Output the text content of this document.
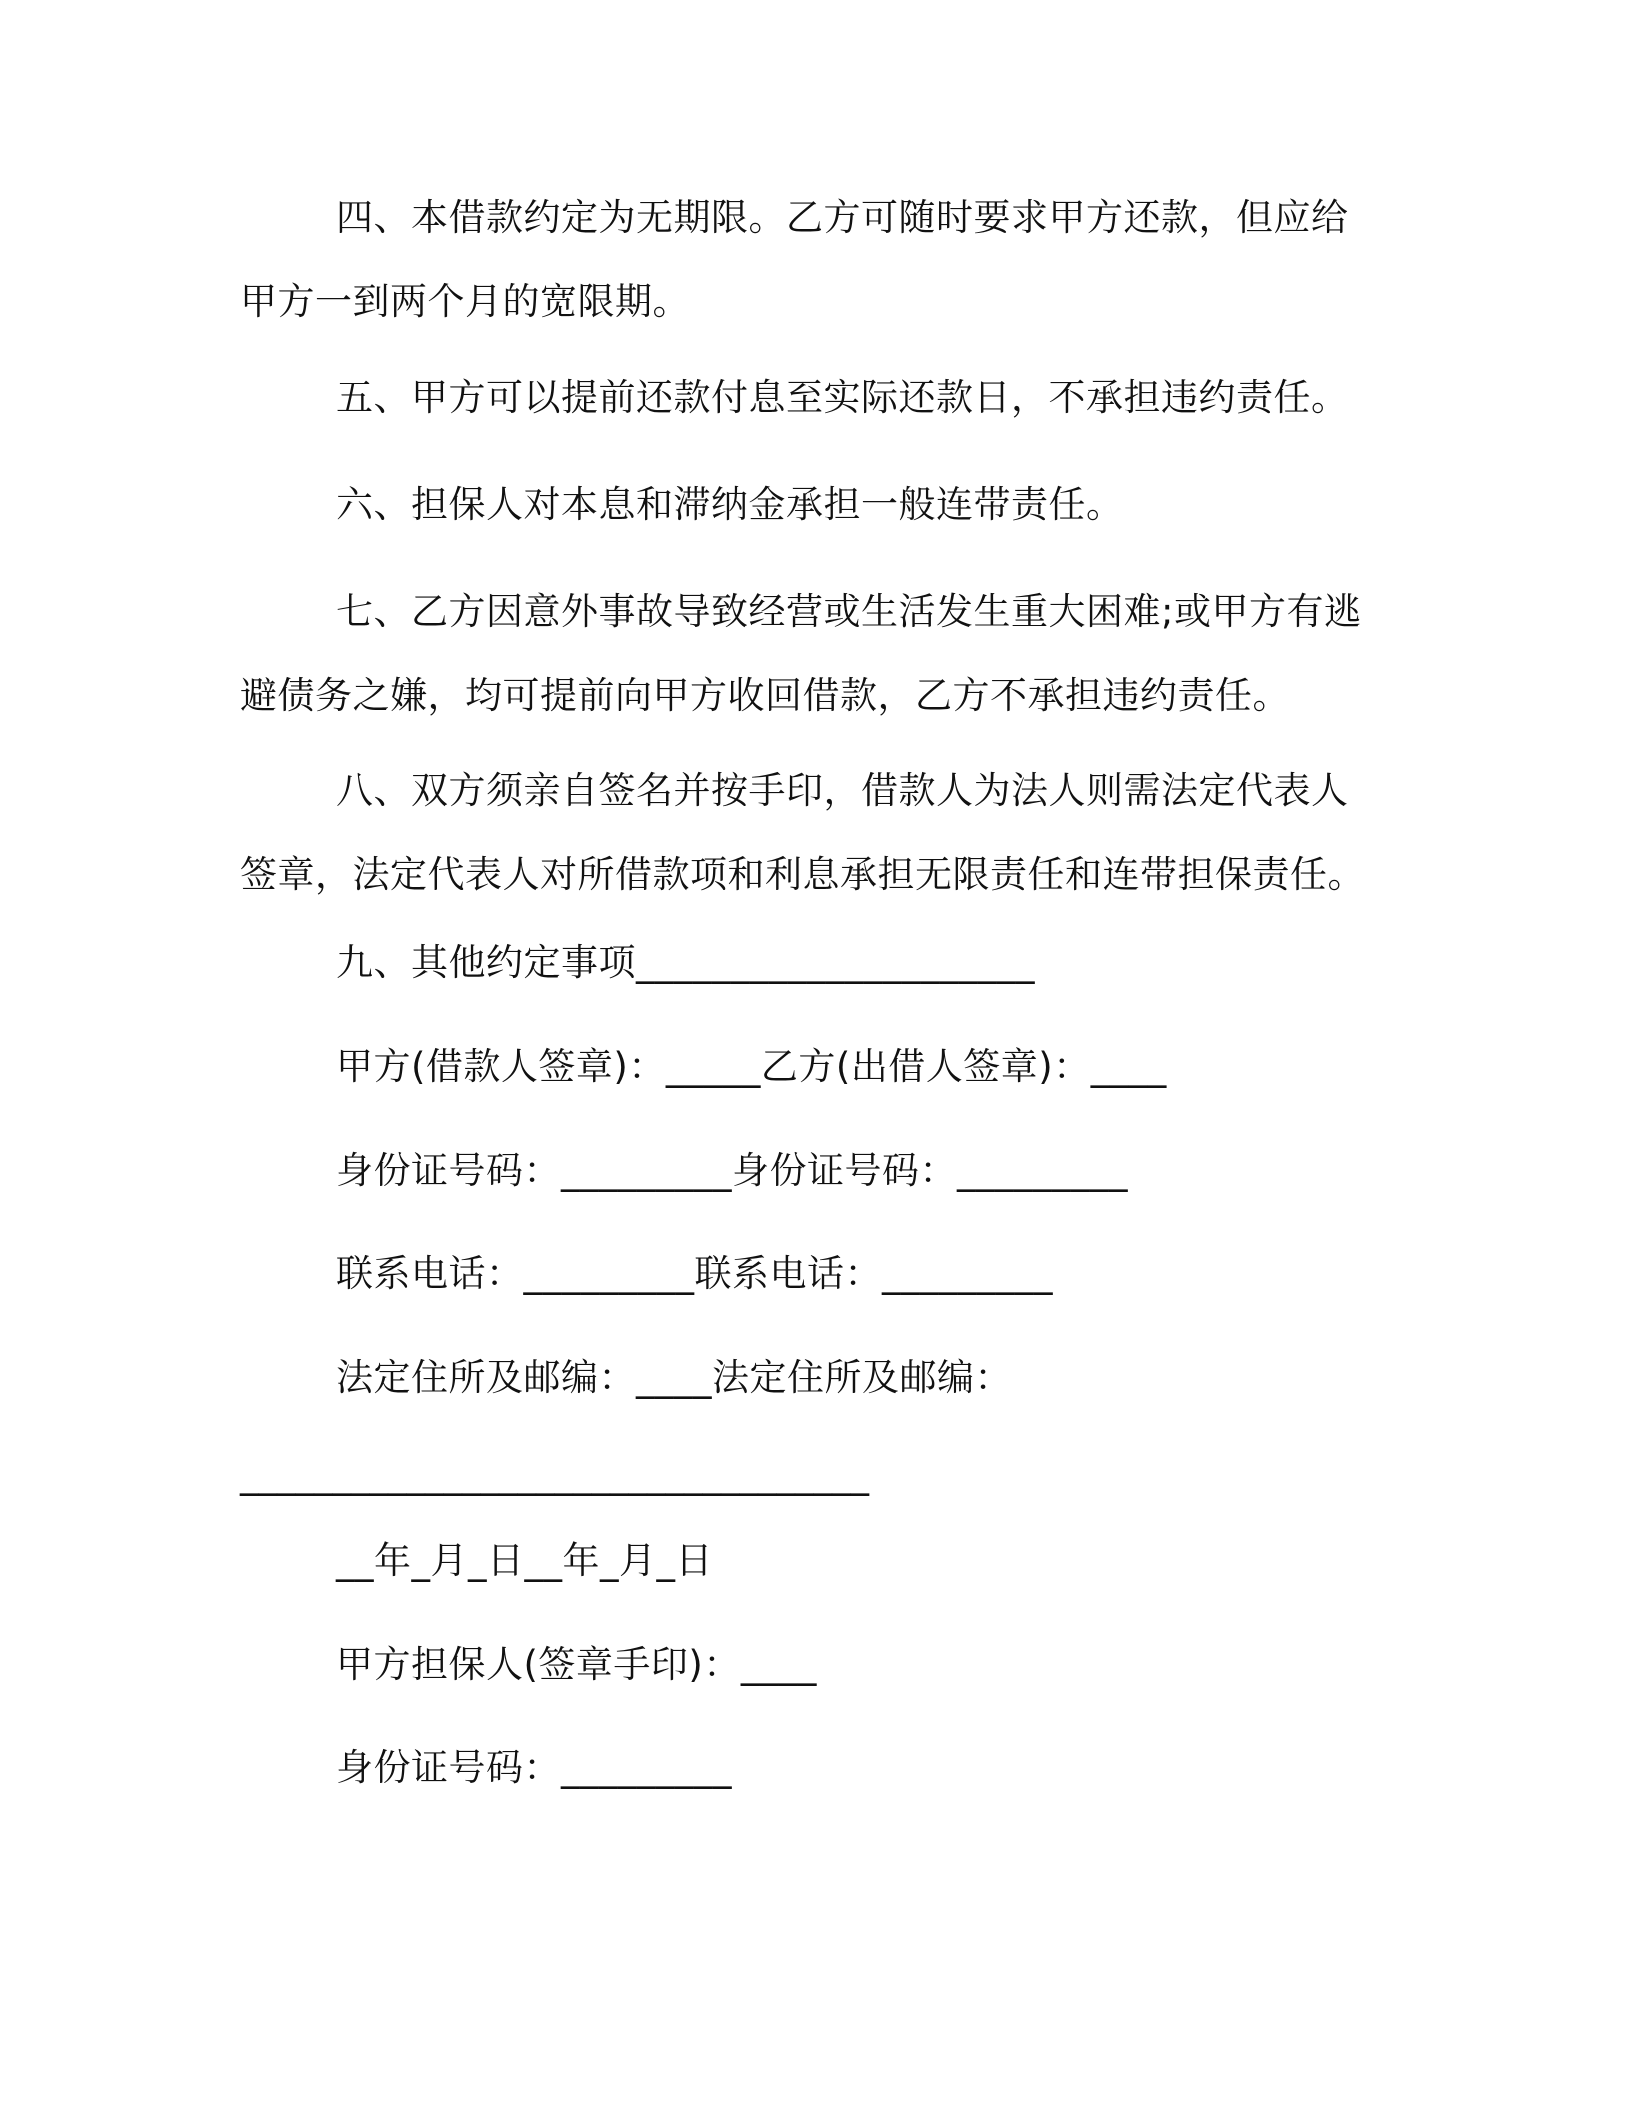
四、本借款约定为无期限。乙方可随时要求甲方还款，但应给甲方一到两个月的宽限期。

五、甲方可以提前还款付息至实际还款日，不承担违约责任。

六、担保人对本息和滞纳金承担一般连带责任。

七、乙方因意外事故导致经营或生活发生重大困难;或甲方有逃避债务之嫌，均可提前向甲方收回借款，乙方不承担违约责任。

八、双方须亲自签名并按手印，借款人为法人则需法定代表人签章，法定代表人对所借款项和利息承担无限责任和连带担保责任。

九、其他约定事项_____________________

甲方(借款人签章)：_____乙方(出借人签章)：____

身份证号码：_________身份证号码：_________

联系电话：_________联系电话：_________

法定住所及邮编：____法定住所及邮编：

__________________________________

__年_月_日__年_月_日

甲方担保人(签章手印)：____

身份证号码：_________
